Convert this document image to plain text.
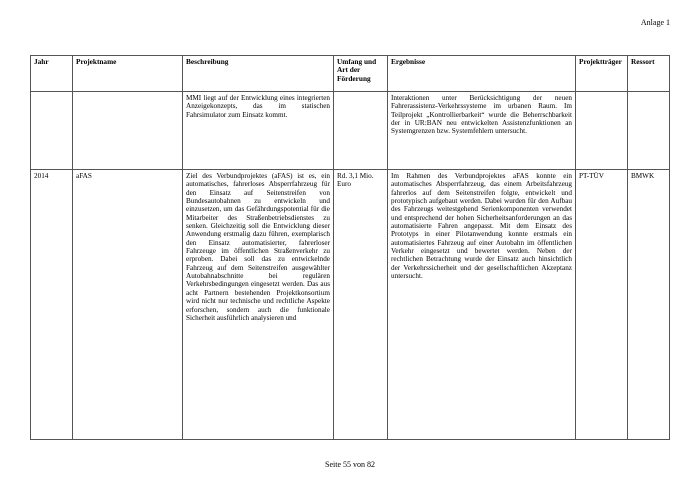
Anlage 1
Jahr	Projektname	Beschreibung	Umfang und Art der Förderung	Ergebnisse	Projektträger	Ressort
		MMI liegt auf der Entwicklung eines integrierten Anzeigekonzepts, das im statischen Fahrsimulator zum Einsatz kommt.		Interaktionen unter Berücksichtigung der neuen Fahrerassistenz-Verkehrssysteme im urbanen Raum. Im Teilprojekt „Kontrollierbarkeit“ wurde die Beherrschbarkeit der in UR:BAN neu entwickelten Assistenzfunktionen an Systemgrenzen bzw. Systemfehlern untersucht.		
2014	aFAS	Ziel des Verbundprojektes (aFAS) ist es, ein automatisches, fahrerloses Absperrfahrzeug für den Einsatz auf Seitenstreifen von Bundesautobahnen zu entwickeln und einzusetzen, um das Gefährdungspotential für die Mitarbeiter des Straßenbetriebsdienstes zu senken. Gleichzeitig soll die Entwicklung dieser Anwendung erstmalig dazu führen, exemplarisch den Einsatz automatisierter, fahrerloser Fahrzeuge im öffentlichen Straßenverkehr zu erproben. Dabei soll das zu entwickelnde Fahrzeug auf dem Seitenstreifen ausgewählter Autobahnabschnitte bei regulären Verkehrsbedingungen eingesetzt werden. Das aus acht Partnern bestehenden Projektkonsortium wird nicht nur technische und rechtliche Aspekte erforschen, sondern auch die funktionale Sicherheit ausführlich analysieren und	Rd. 3,1 Mio. Euro	Im Rahmen des Verbundprojektes aFAS konnte ein automatisches Absperrfahrzeug, das einem Arbeitsfahrzeug fahrerlos auf dem Seitenstreifen folgte, entwickelt und prototypisch aufgebaut werden. Dabei wurden für den Aufbau des Fahrzeugs weitestgehend Serienkomponenten verwendet und entsprechend der hohen Sicherheitsanforderungen an das automatisierte Fahren angepasst. Mit dem Einsatz des Prototyps in einer Pilotanwendung konnte erstmals ein automatisiertes Fahrzeug auf einer Autobahn im öffentlichen Verkehr eingesetzt und bewertet werden. Neben der rechtlichen Betrachtung wurde der Einsatz auch hinsichtlich der Verkehrssicherheit und der gesellschaftlichen Akzeptanz untersucht.	PT-TÜV	BMWK
Seite 55 von 82
